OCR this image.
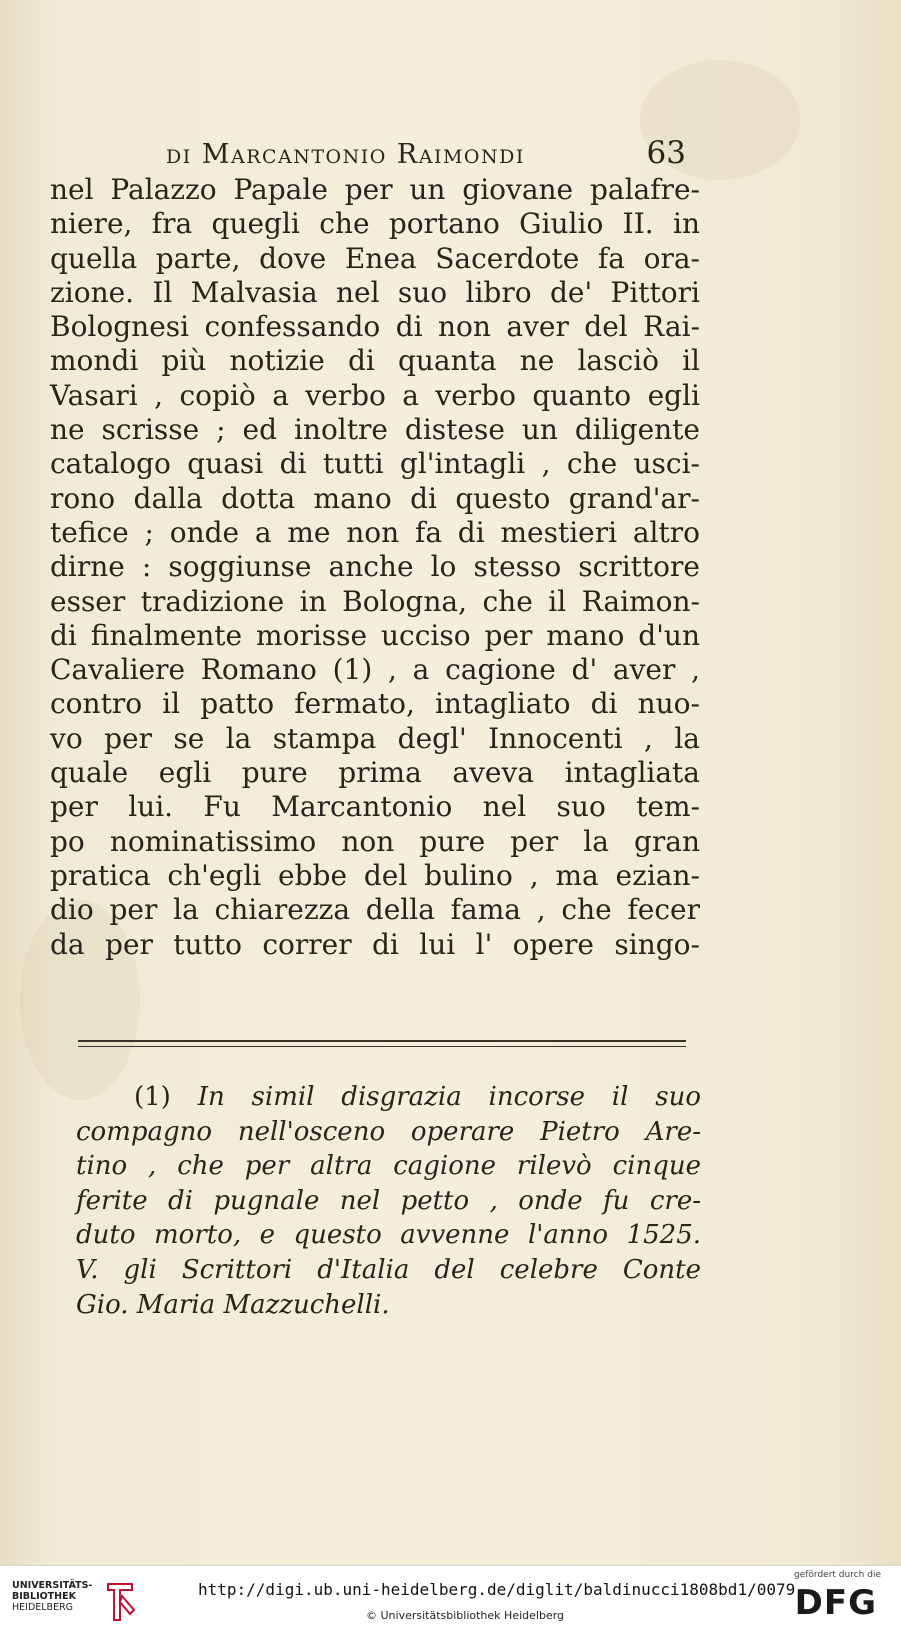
di Marcantonio Raimondi	63
nel Palazzo Papale per un giovane palafre-
niere, fra quegli che portano Giulio II. in
quella parte, dove Enea Sacerdote fa ora-
zione. Il Malvasia nel suo libro de' Pittori
Bolognesi confessando di non aver del Rai-
mondi più notizie di quanta ne lasciò il
Vasari , copiò a verbo a verbo quanto egli
ne scrisse ; ed inoltre distese un diligente
catalogo quasi di tutti gl'intagli , che usci-
rono dalla dotta mano di questo grand'ar-
tefice ; onde a me non fa di mestieri altro
dirne : soggiunse anche lo stesso scrittore
esser tradizione in Bologna, che il Raimon-
di finalmente morisse ucciso per mano d'un
Cavaliere Romano (1) , a cagione d' aver ,
contro il patto fermato, intagliato di nuo-
vo per se la stampa degl' Innocenti , la
quale egli pure prima aveva intagliata
per lui. Fu Marcantonio nel suo tem-
po nominatissimo non pure per la gran
pratica ch'egli ebbe del bulino , ma ezian-
dio per la chiarezza della fama , che fecer
da per tutto correr di lui l' opere singo-
(1) In simil disgrazia incorse il suo
compagno nell'osceno operare Pietro Are-
tino , che per altra cagione rilevò cinque
ferite di pugnale nel petto , onde fu cre-
duto morto, e questo avvenne l'anno 1525.
V. gli Scrittori d'Italia del celebre Conte
Gio. Maria Mazzuchelli.
UNIVERSITÄTS-
BIBLIOTHEK
HEIDELBERG
http://digi.ub.uni-heidelberg.de/diglit/baldinucci1808bd1/0079
© Universitätsbibliothek Heidelberg
gefördert durch die
DFG
